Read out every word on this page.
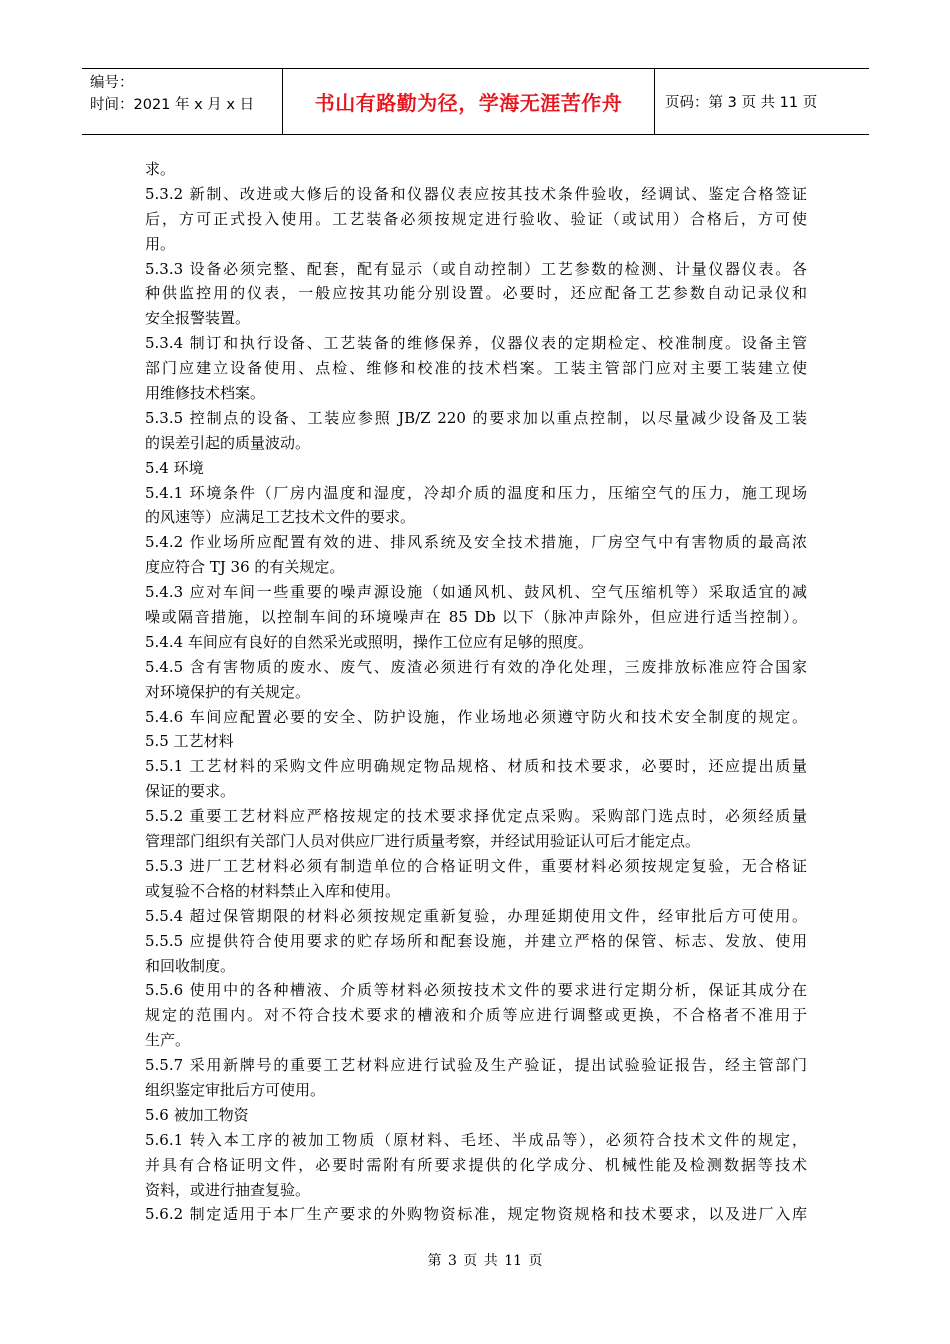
编号：
时间：2021 年 x 月 x 日	书山有路勤为径，学海无涯苦作舟	页码：第 3 页 共 11 页
求。
5.3.2 新制、改进或大修后的设备和仪器仪表应按其技术条件验收，经调试、鉴定合格签证
后，方可正式投入使用。工艺装备必须按规定进行验收、验证（或试用）合格后，方可使
用。
5.3.3 设备必须完整、配套，配有显示（或自动控制）工艺参数的检测、计量仪器仪表。各
种供监控用的仪表，一般应按其功能分别设置。必要时，还应配备工艺参数自动记录仪和
安全报警装置。
5.3.4 制订和执行设备、工艺装备的维修保养，仪器仪表的定期检定、校准制度。设备主管
部门应建立设备使用、点检、维修和校准的技术档案。工装主管部门应对主要工装建立使
用维修技术档案。
5.3.5 控制点的设备、工装应参照 JB/Z 220 的要求加以重点控制，以尽量减少设备及工装
的误差引起的质量波动。
5.4 环境
5.4.1 环境条件（厂房内温度和湿度，冷却介质的温度和压力，压缩空气的压力，施工现场
的风速等）应满足工艺技术文件的要求。
5.4.2 作业场所应配置有效的进、排风系统及安全技术措施，厂房空气中有害物质的最高浓
度应符合 TJ 36 的有关规定。
5.4.3 应对车间一些重要的噪声源设施（如通风机、鼓风机、空气压缩机等）采取适宜的减
噪或隔音措施，以控制车间的环境噪声在 85 Db 以下（脉冲声除外，但应进行适当控制）。
5.4.4 车间应有良好的自然采光或照明，操作工位应有足够的照度。
5.4.5 含有害物质的废水、废气、废渣必须进行有效的净化处理，三废排放标准应符合国家
对环境保护的有关规定。
5.4.6 车间应配置必要的安全、防护设施，作业场地必须遵守防火和技术安全制度的规定。
5.5 工艺材料
5.5.1 工艺材料的采购文件应明确规定物品规格、材质和技术要求，必要时，还应提出质量
保证的要求。
5.5.2 重要工艺材料应严格按规定的技术要求择优定点采购。采购部门选点时，必须经质量
管理部门组织有关部门人员对供应厂进行质量考察，并经试用验证认可后才能定点。
5.5.3 进厂工艺材料必须有制造单位的合格证明文件，重要材料必须按规定复验，无合格证
或复验不合格的材料禁止入库和使用。
5.5.4 超过保管期限的材料必须按规定重新复验，办理延期使用文件，经审批后方可使用。
5.5.5 应提供符合使用要求的贮存场所和配套设施，并建立严格的保管、标志、发放、使用
和回收制度。
5.5.6 使用中的各种槽液、介质等材料必须按技术文件的要求进行定期分析，保证其成分在
规定的范围内。对不符合技术要求的槽液和介质等应进行调整或更换，不合格者不准用于
生产。
5.5.7 采用新牌号的重要工艺材料应进行试验及生产验证，提出试验验证报告，经主管部门
组织鉴定审批后方可使用。
5.6 被加工物资
5.6.1 转入本工序的被加工物质（原材料、毛坯、半成品等），必须符合技术文件的规定，
并具有合格证明文件，必要时需附有所要求提供的化学成分、机械性能及检测数据等技术
资料，或进行抽查复验。
5.6.2 制定适用于本厂生产要求的外购物资标准，规定物资规格和技术要求，以及进厂入库
第 3 页 共 11 页
